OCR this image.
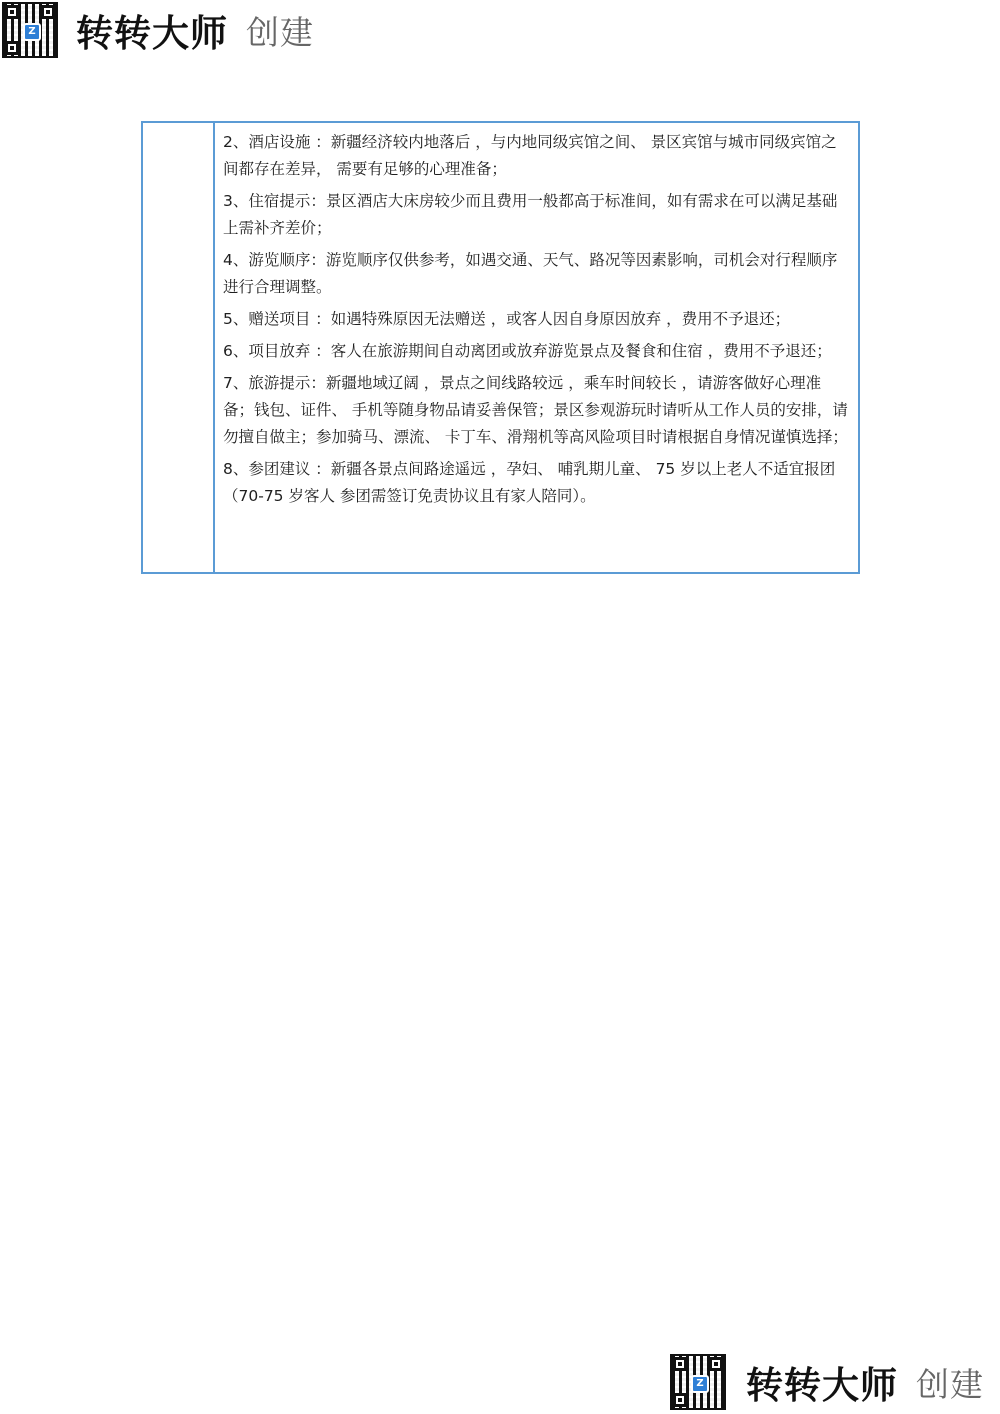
Z 转转大师 创建

2、酒店设施 ：新疆经济较内地落后 ，与内地同级宾馆之间、 景区宾馆与城市同级宾馆之间都存在差异， 需要有足够的心理准备；

3、住宿提示：景区酒店大床房较少而且费用一般都高于标准间，如有需求在可以满足基础上需补齐差价；

4、游览顺序：游览顺序仅供参考，如遇交通、天气、路况等因素影响，司机会对行程顺序进行合理调整。

5、赠送项目 ：如遇特殊原因无法赠送 ，或客人因自身原因放弃 ，费用不予退还；

6、项目放弃 ：客人在旅游期间自动离团或放弃游览景点及餐食和住宿 ，费用不予退还；

7、旅游提示：新疆地域辽阔 ，景点之间线路较远 ，乘车时间较长 ，请游客做好心理准备；钱包、证件、 手机等随身物品请妥善保管；景区参观游玩时请听从工作人员的安排，请勿擅自做主；参加骑马、漂流、 卡丁车、滑翔机等高风险项目时请根据自身情况谨慎选择；

8、参团建议 ：新疆各景点间路途遥远 ，孕妇、 哺乳期儿童、 75 岁以上老人不适宜报团（70-75 岁客人 参团需签订免责协议且有家人陪同）。

Z 转转大师 创建
